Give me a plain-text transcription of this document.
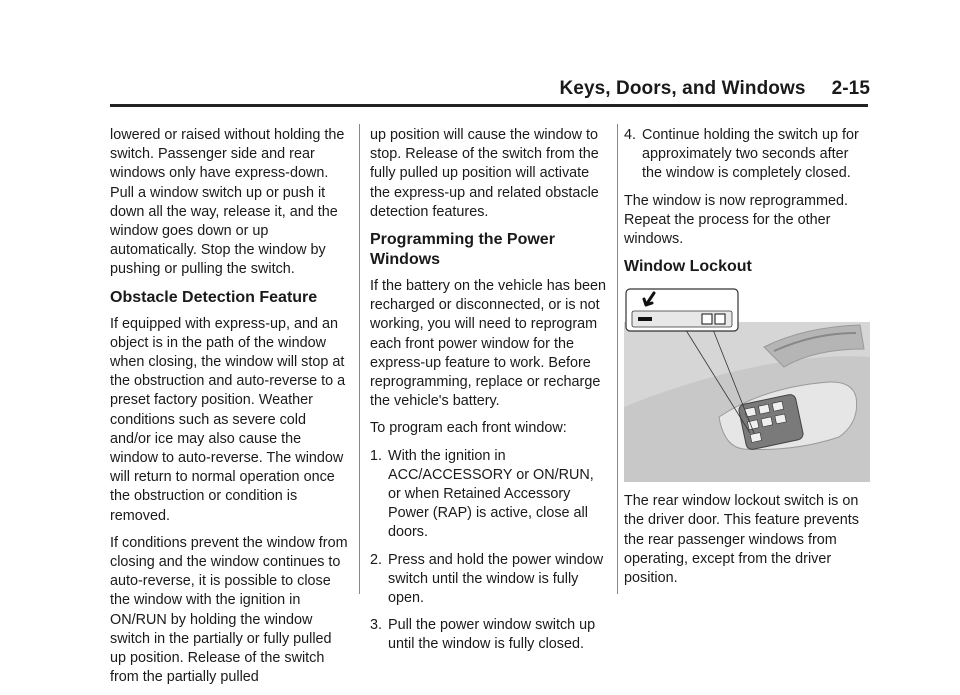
Keys, Doors, and Windows 2-15

lowered or raised without holding the switch. Passenger side and rear windows only have express-down. Pull a window switch up or push it down all the way, release it, and the window goes down or up automatically. Stop the window by pushing or pulling the switch.

Obstacle Detection Feature

If equipped with express-up, and an object is in the path of the window when closing, the window will stop at the obstruction and auto-reverse to a preset factory position. Weather conditions such as severe cold and/or ice may also cause the window to auto-reverse. The window will return to normal operation once the obstruction or condition is removed.

If conditions prevent the window from closing and the window continues to auto-reverse, it is possible to close the window with the ignition in ON/RUN by holding the window switch in the partially or fully pulled up position. Release of the switch from the partially pulled

up position will cause the window to stop. Release of the switch from the fully pulled up position will activate the express-up and related obstacle detection features.

Programming the Power Windows

If the battery on the vehicle has been recharged or disconnected, or is not working, you will need to reprogram each front power window for the express-up feature to work. Before reprogramming, replace or recharge the vehicle's battery.

To program each front window:

1. With the ignition in ACC/ACCESSORY or ON/RUN, or when Retained Accessory Power (RAP) is active, close all doors.
2. Press and hold the power window switch until the window is fully open.
3. Pull the power window switch up until the window is fully closed.
4. Continue holding the switch up for approximately two seconds after the window is completely closed.

The window is now reprogrammed. Repeat the process for the other windows.

Window Lockout

The rear window lockout switch is on the driver door. This feature prevents the rear passenger windows from operating, except from the driver position.
